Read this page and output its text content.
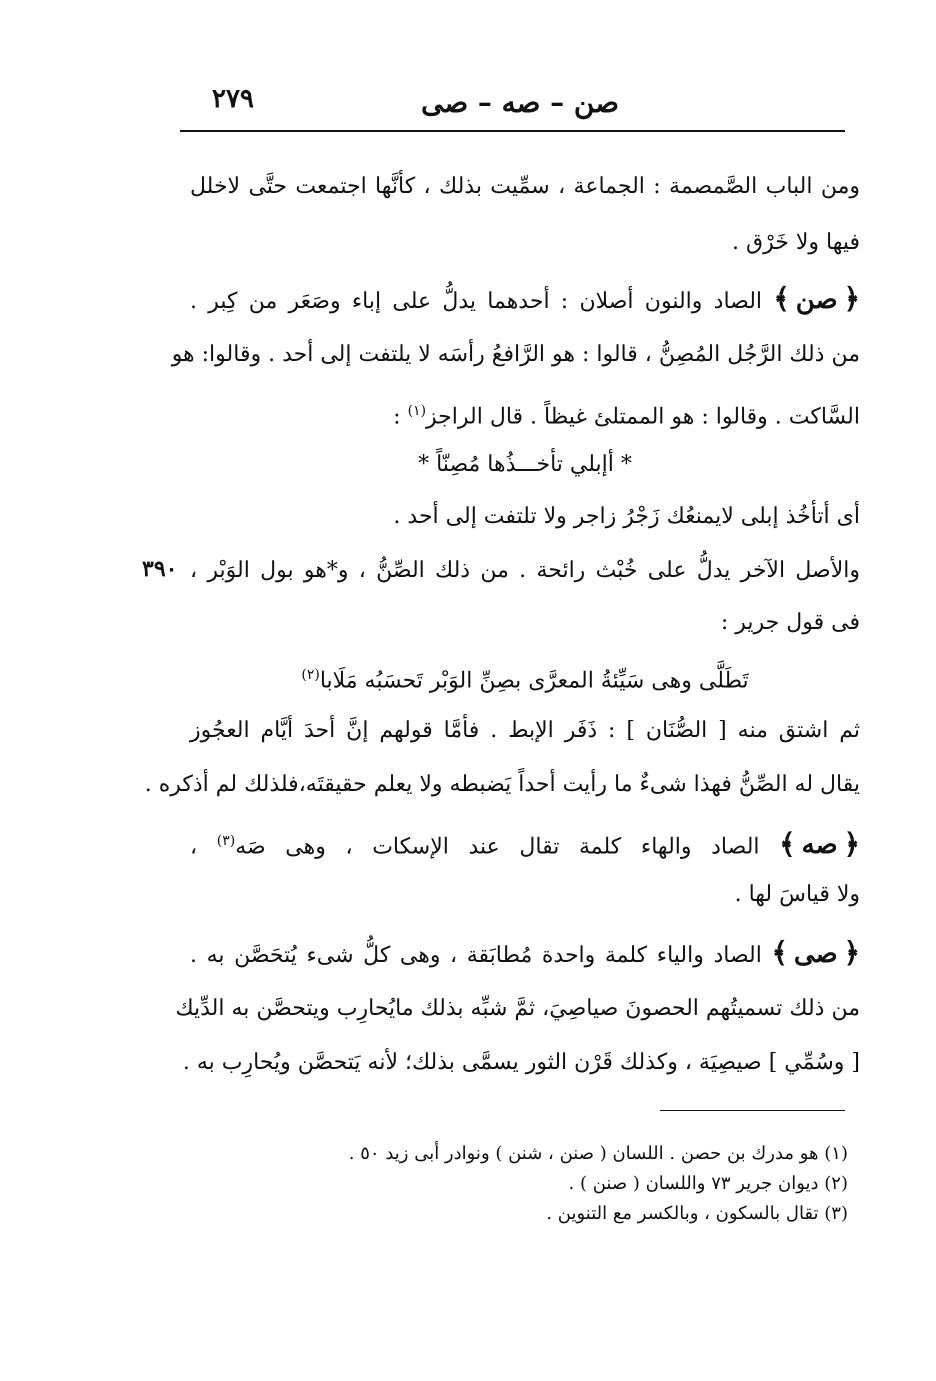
٢٧٩	صن – صه – صى
ومن الباب الصَّمصمة : الجماعة ، سمِّيت بذلك ، كأنَّها اجتمعت حتَّى لاخلل
فيها ولا خَرْق .
﴿صن﴾ الصاد والنون أصلان : أحدهما يدلُّ على إباء وصَعَر من كِبر .
من ذلك الرَّجُل المُصِنُّ ، قالوا : هو الرَّافعُ رأسَه لا يلتفت إلى أحد . وقالوا: هو
السَّاكت . وقالوا : هو الممتلئ غيظاً . قال الراجز$^{(١)}$ :
* أإبلي تأخـــذُها مُصِنّاً *
أى أتأخُذ إبلى لايمنعُك زَجْرُ زاجر ولا تلتفت إلى أحد .
والأصل الآخر يدلُّ على خُبْث رائحة . من ذلك الصِّنُّ ، و*هو بول الوَبْر ،
٣٩٠
فى قول جرير :
تَطَلَّى وهى سَيِّئةُ المعرَّى بصِنِّ الوَبْر تَحسَبُه مَلَابا$^{(٢)}$
ثم اشتق منه [ الصُّنَان ] : ذَفَر الإبط . فأمَّا قولهم إنَّ أحدَ أيَّام العجُوز
يقال له الصِّنُّ فهذا شىءٌ ما رأيت أحداً يَضبطه ولا يعلم حقيقتَه،فلذلك لم أذكره .
﴿صه﴾ الصاد والهاء كلمة تقال عند الإسكات ، وهى صَه$^{(٣)}$ ،
ولا قياسَ لها .
﴿صى﴾ الصاد والياء كلمة واحدة مُطابَقة ، وهى كلُّ شىء يُتحَصَّن به .
من ذلك تسميتُهم الحصونَ صياصِيَ، ثمَّ شبِّه بذلك مايُحارِب ويتحصَّن به الدِّيك
[ وسُمِّي ] صيصِيَة ، وكذلك قَرْن الثور يسمَّى بذلك؛ لأنه يَتحصَّن ويُحارِب به .
(١) هو مدرك بن حصن . اللسان ( صنن ، شنن ) ونوادر أبى زيد ٥٠ .
(٢) ديوان جرير ٧٣ واللسان ( صنن ) .
(٣) تقال بالسكون ، وبالكسر مع التنوين .
